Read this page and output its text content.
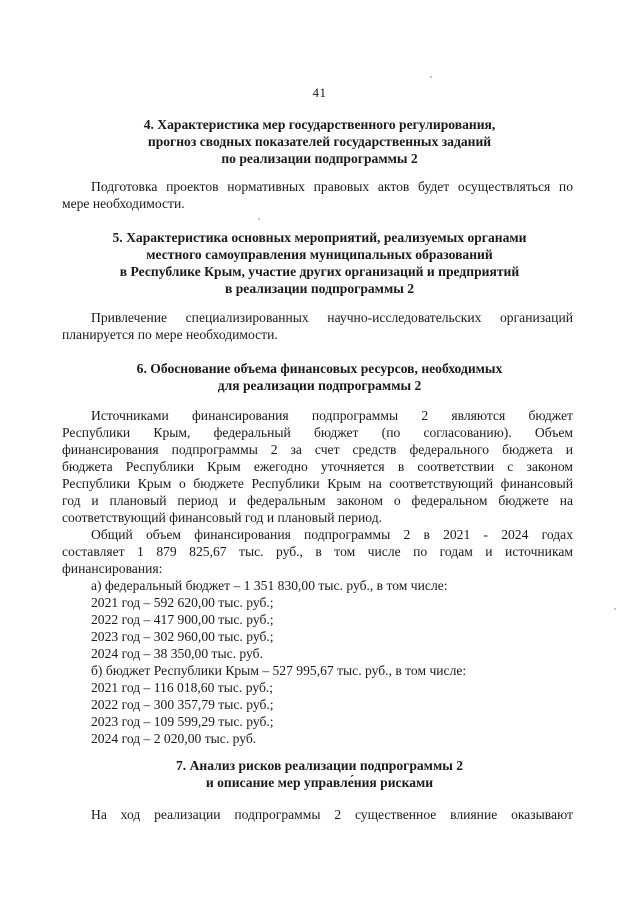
41
4. Характеристика мер государственного регулирования,
прогноз сводных показателей государственных заданий
по реализации подпрограммы 2
Подготовка проектов нормативных правовых актов будет осуществляться по
мере необходимости.
5. Характеристика основных мероприятий, реализуемых органами
местного самоуправления муниципальных образований
в Республике Крым, участие других организаций и предприятий
в реализации подпрограммы 2
Привлечение специализированных научно-исследовательских организаций
планируется по мере необходимости.
6. Обоснование объема финансовых ресурсов, необходимых
для реализации подпрограммы 2
Источниками финансирования подпрограммы 2 являются бюджет
Республики Крым, федеральный бюджет (по согласованию). Объем
финансирования подпрограммы 2 за счет средств федерального бюджета и
бюджета Республики Крым ежегодно уточняется в соответствии с законом
Республики Крым о бюджете Республики Крым на соответствующий финансовый
год и плановый период и федеральным законом о федеральном бюджете на
соответствующий финансовый год и плановый период.
Общий объем финансирования подпрограммы 2 в 2021 - 2024 годах
составляет 1 879 825,67 тыс. руб., в том числе по годам и источникам
финансирования:
а) федеральный бюджет – 1 351 830,00 тыс. руб., в том числе:
2021 год – 592 620,00 тыс. руб.;
2022 год – 417 900,00 тыс. руб.;
2023 год – 302 960,00 тыс. руб.;
2024 год – 38 350,00 тыс. руб.
б) бюджет Республики Крым – 527 995,67 тыс. руб., в том числе:
2021 год – 116 018,60 тыс. руб.;
2022 год – 300 357,79 тыс. руб.;
2023 год – 109 599,29 тыс. руб.;
2024 год – 2 020,00 тыс. руб.
7. Анализ рисков реализации подпрограммы 2
и описание мер управле́ния рисками
На ход реализации подпрограммы 2 существенное влияние оказывают
